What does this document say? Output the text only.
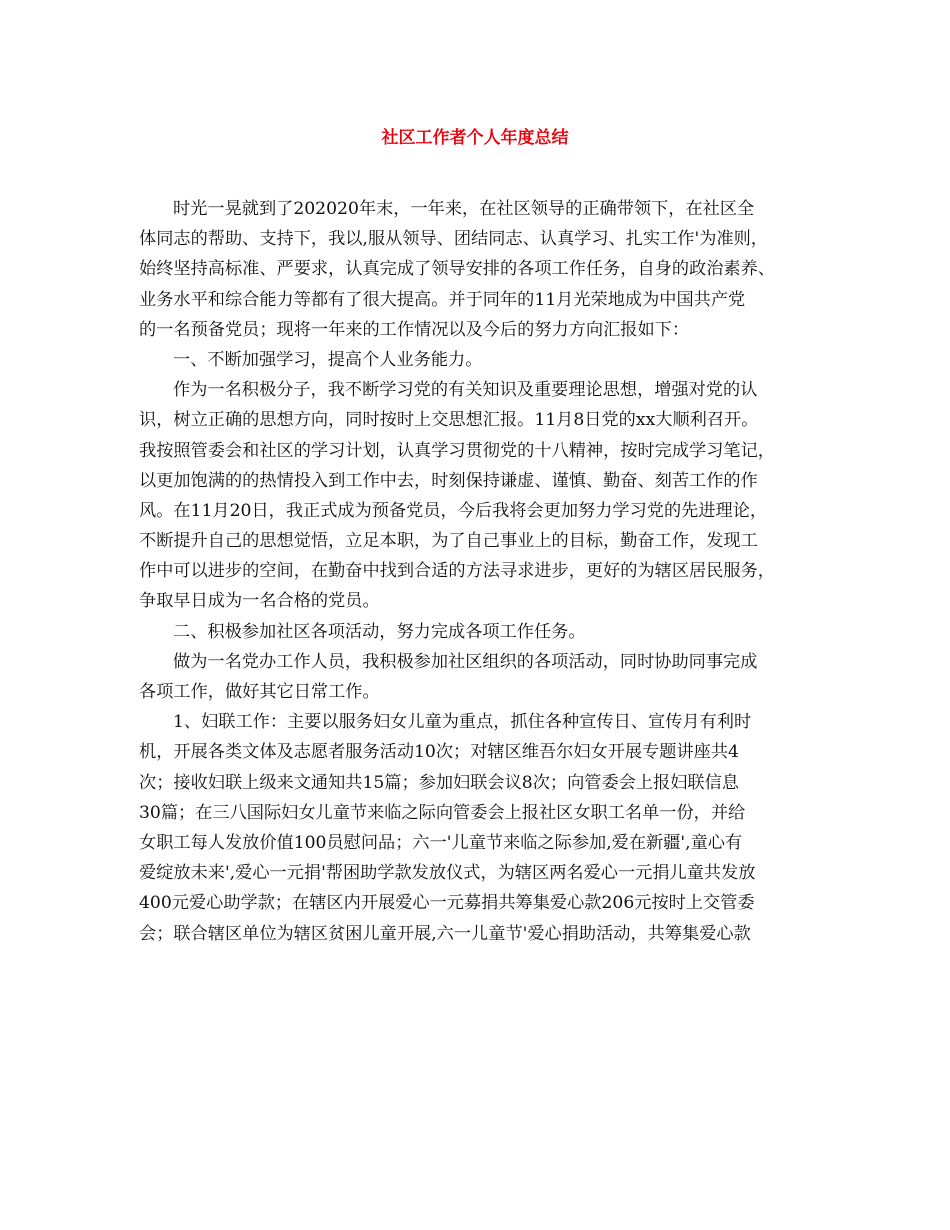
社区工作者个人年度总结
时光一晃就到了202020年末，一年来，在社区领导的正确带领下，在社区全
体同志的帮助、支持下，我以,服从领导、团结同志、认真学习、扎实工作'为准则，
始终坚持高标准、严要求，认真完成了领导安排的各项工作任务，自身的政治素养、
业务水平和综合能力等都有了很大提高。并于同年的11月光荣地成为中国共产党
的一名预备党员；现将一年来的工作情况以及今后的努力方向汇报如下：
一、不断加强学习，提高个人业务能力。
作为一名积极分子，我不断学习党的有关知识及重要理论思想，增强对党的认
识，树立正确的思想方向，同时按时上交思想汇报。11月8日党的xx大顺利召开。
我按照管委会和社区的学习计划，认真学习贯彻党的十八精神，按时完成学习笔记，
以更加饱满的的热情投入到工作中去，时刻保持谦虚、谨慎、勤奋、刻苦工作的作
风。在11月20日，我正式成为预备党员，今后我将会更加努力学习党的先进理论，
不断提升自己的思想觉悟，立足本职，为了自己事业上的目标，勤奋工作，发现工
作中可以进步的空间，在勤奋中找到合适的方法寻求进步，更好的为辖区居民服务，
争取早日成为一名合格的党员。
二、积极参加社区各项活动，努力完成各项工作任务。
做为一名党办工作人员，我积极参加社区组织的各项活动，同时协助同事完成
各项工作，做好其它日常工作。
1、妇联工作：主要以服务妇女儿童为重点，抓住各种宣传日、宣传月有利时
机，开展各类文体及志愿者服务活动10次；对辖区维吾尔妇女开展专题讲座共4
次；接收妇联上级来文通知共15篇；参加妇联会议8次；向管委会上报妇联信息
30篇；在三八国际妇女儿童节来临之际向管委会上报社区女职工名单一份，并给
女职工每人发放价值100员慰问品；六一'儿童节来临之际参加,爱在新疆',童心有
爱绽放未来',爱心一元捐'帮困助学款发放仪式，为辖区两名爱心一元捐儿童共发放
400元爱心助学款；在辖区内开展爱心一元募捐共筹集爱心款206元按时上交管委
会；联合辖区单位为辖区贫困儿童开展,六一儿童节'爱心捐助活动，共筹集爱心款
